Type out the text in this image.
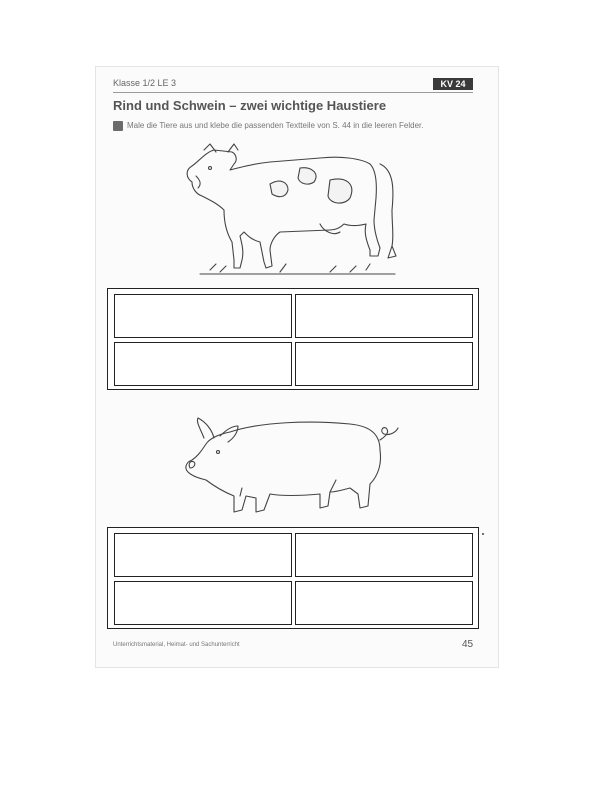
Klasse 1/2 LE 3	KV 24
Rind und Schwein – zwei wichtige Haustiere
Male die Tiere aus und klebe die passenden Textteile von S. 44 in die leeren Felder.
Unterrichtsmaterial, Heimat- und Sachunterricht	45
